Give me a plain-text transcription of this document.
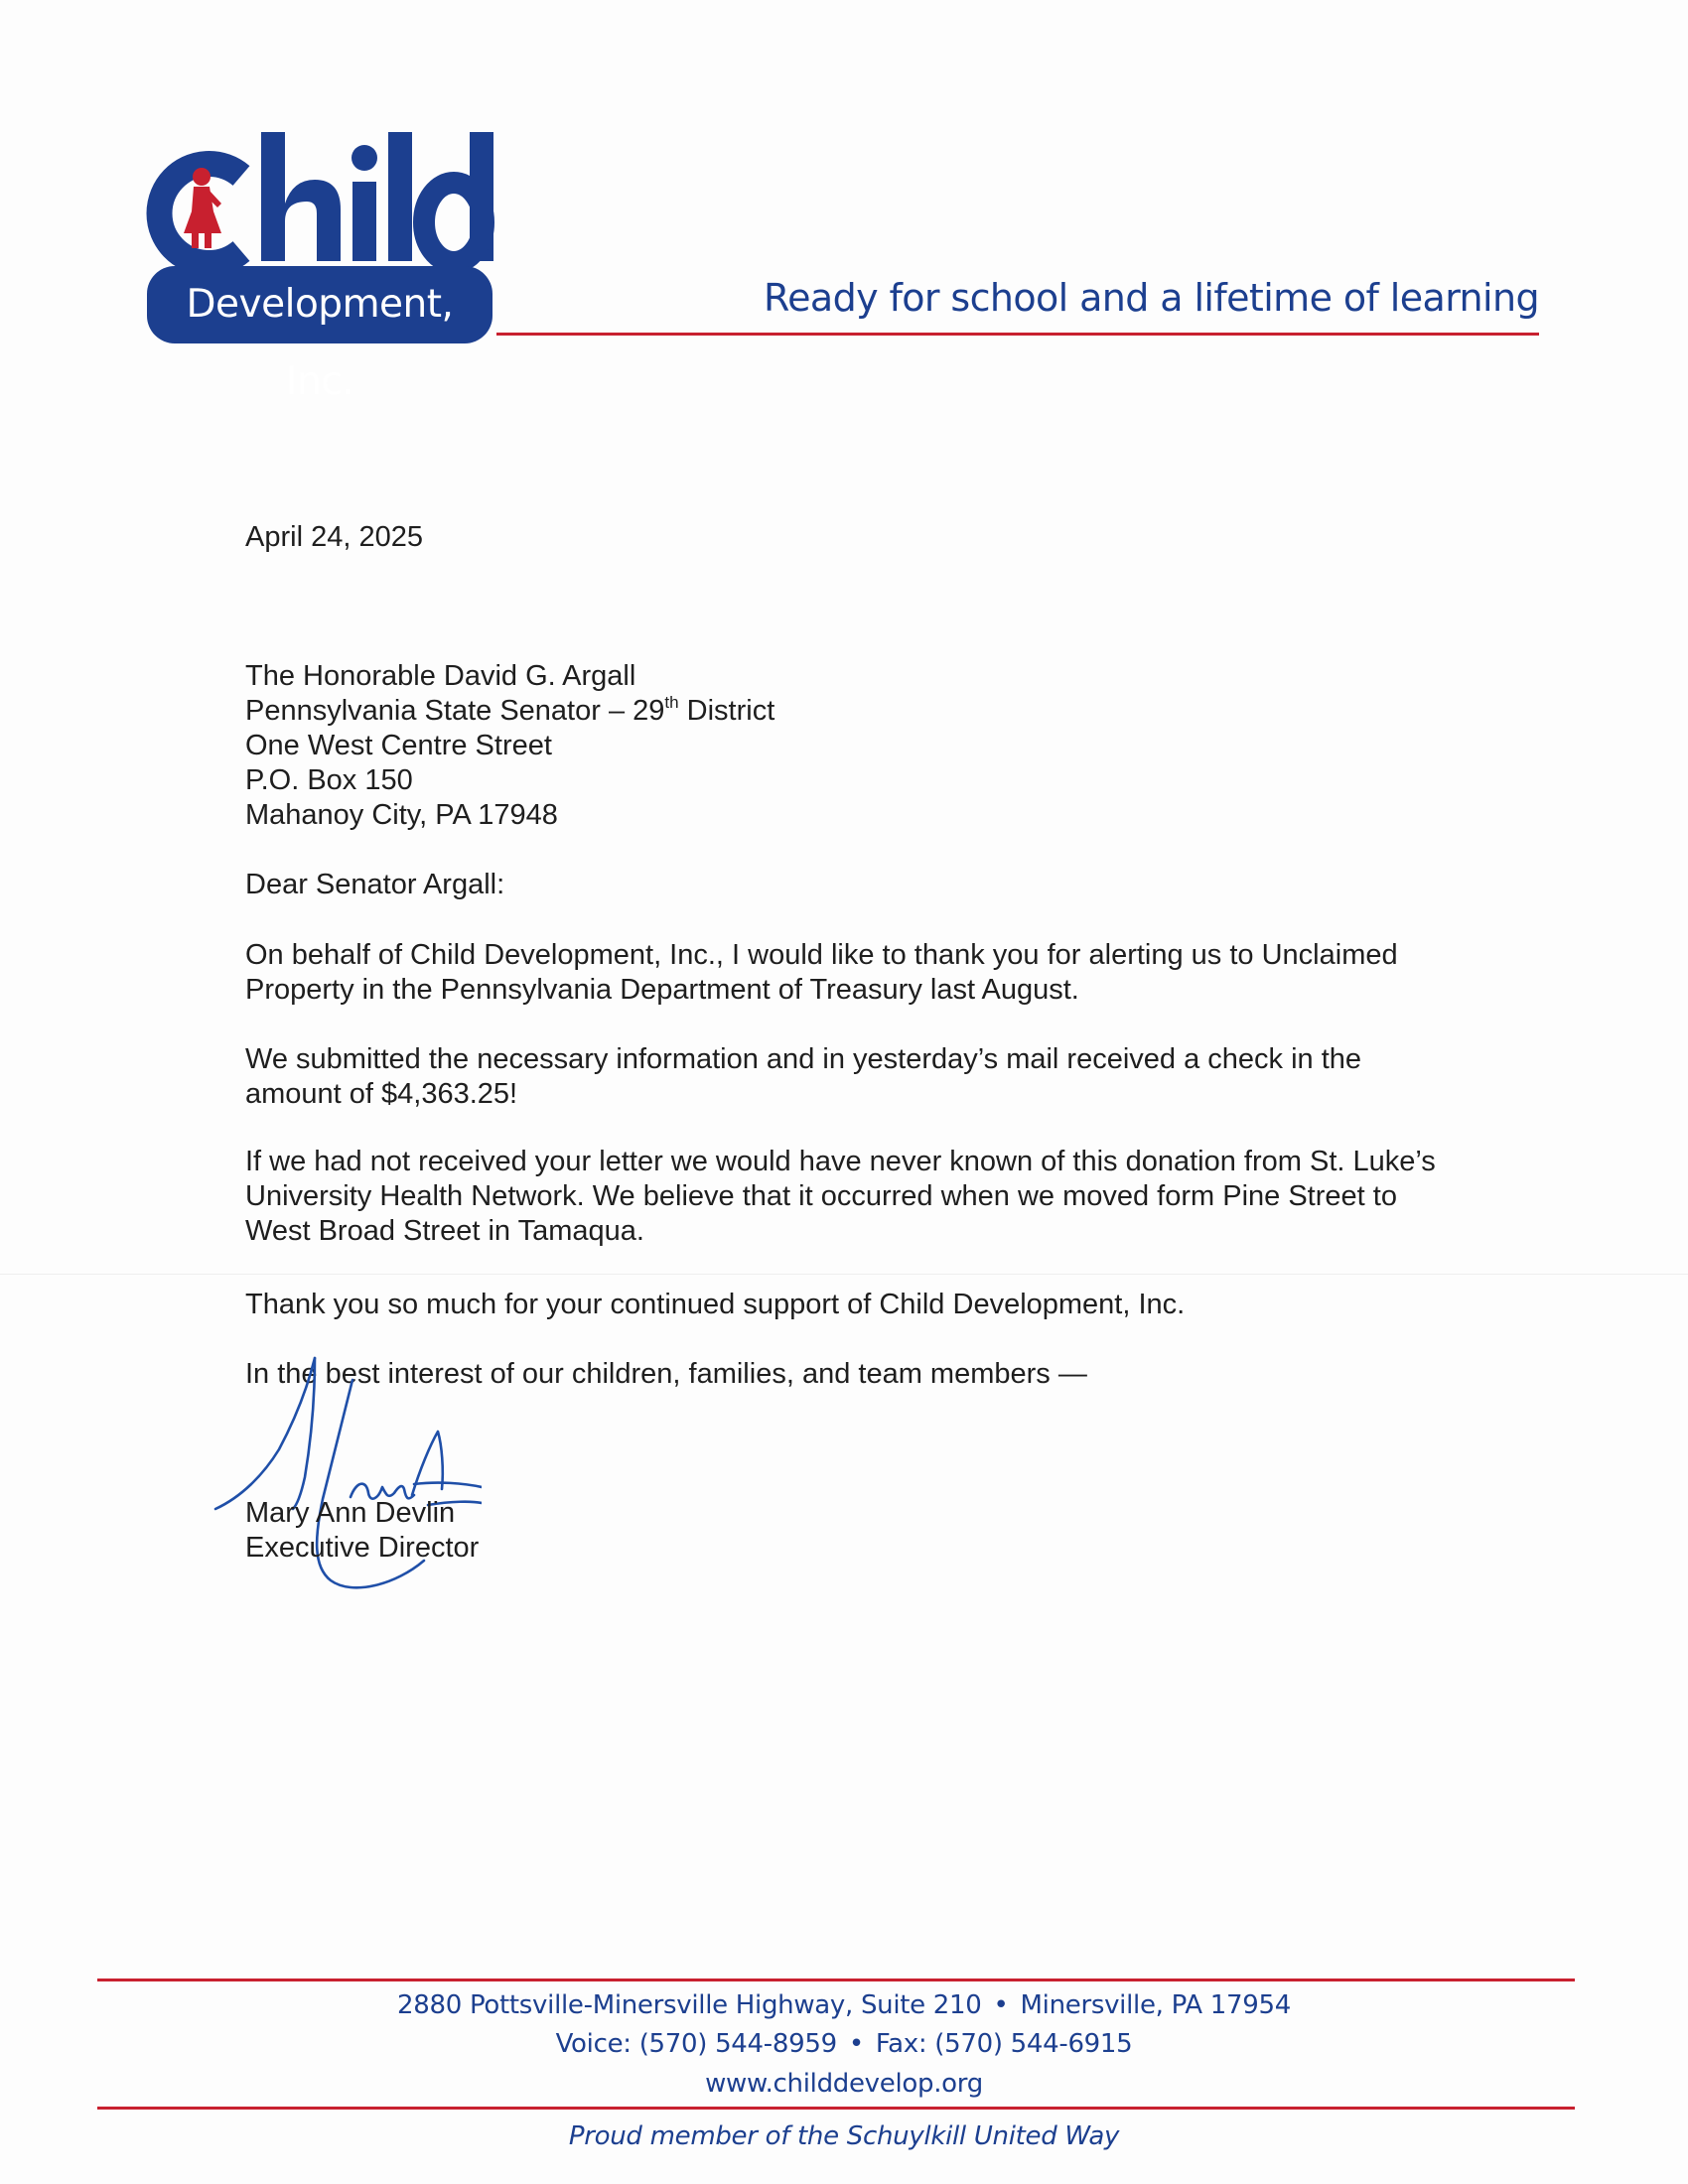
Development, Inc.
Ready for school and a lifetime of learning
April 24, 2025
The Honorable David G. Argall
Pennsylvania State Senator – 29th District
One West Centre Street
P.O. Box 150
Mahanoy City, PA 17948
Dear Senator Argall:
On behalf of Child Development, Inc., I would like to thank you for alerting us to Unclaimed Property in the Pennsylvania Department of Treasury last August.
We submitted the necessary information and in yesterday’s mail received a check in the amount of $4,363.25!
If we had not received your letter we would have never known of this donation from St. Luke’s University Health Network. We believe that it occurred when we moved form Pine Street to West Broad Street in Tamaqua.
Thank you so much for your continued support of Child Development, Inc.
In the best interest of our children, families, and team members —
Mary Ann Devlin
Executive Director
2880 Pottsville-Minersville Highway, Suite 210 • Minersville, PA 17954
Voice: (570) 544-8959 • Fax: (570) 544-6915
www.childdevelop.org
Proud member of the Schuylkill United Way
